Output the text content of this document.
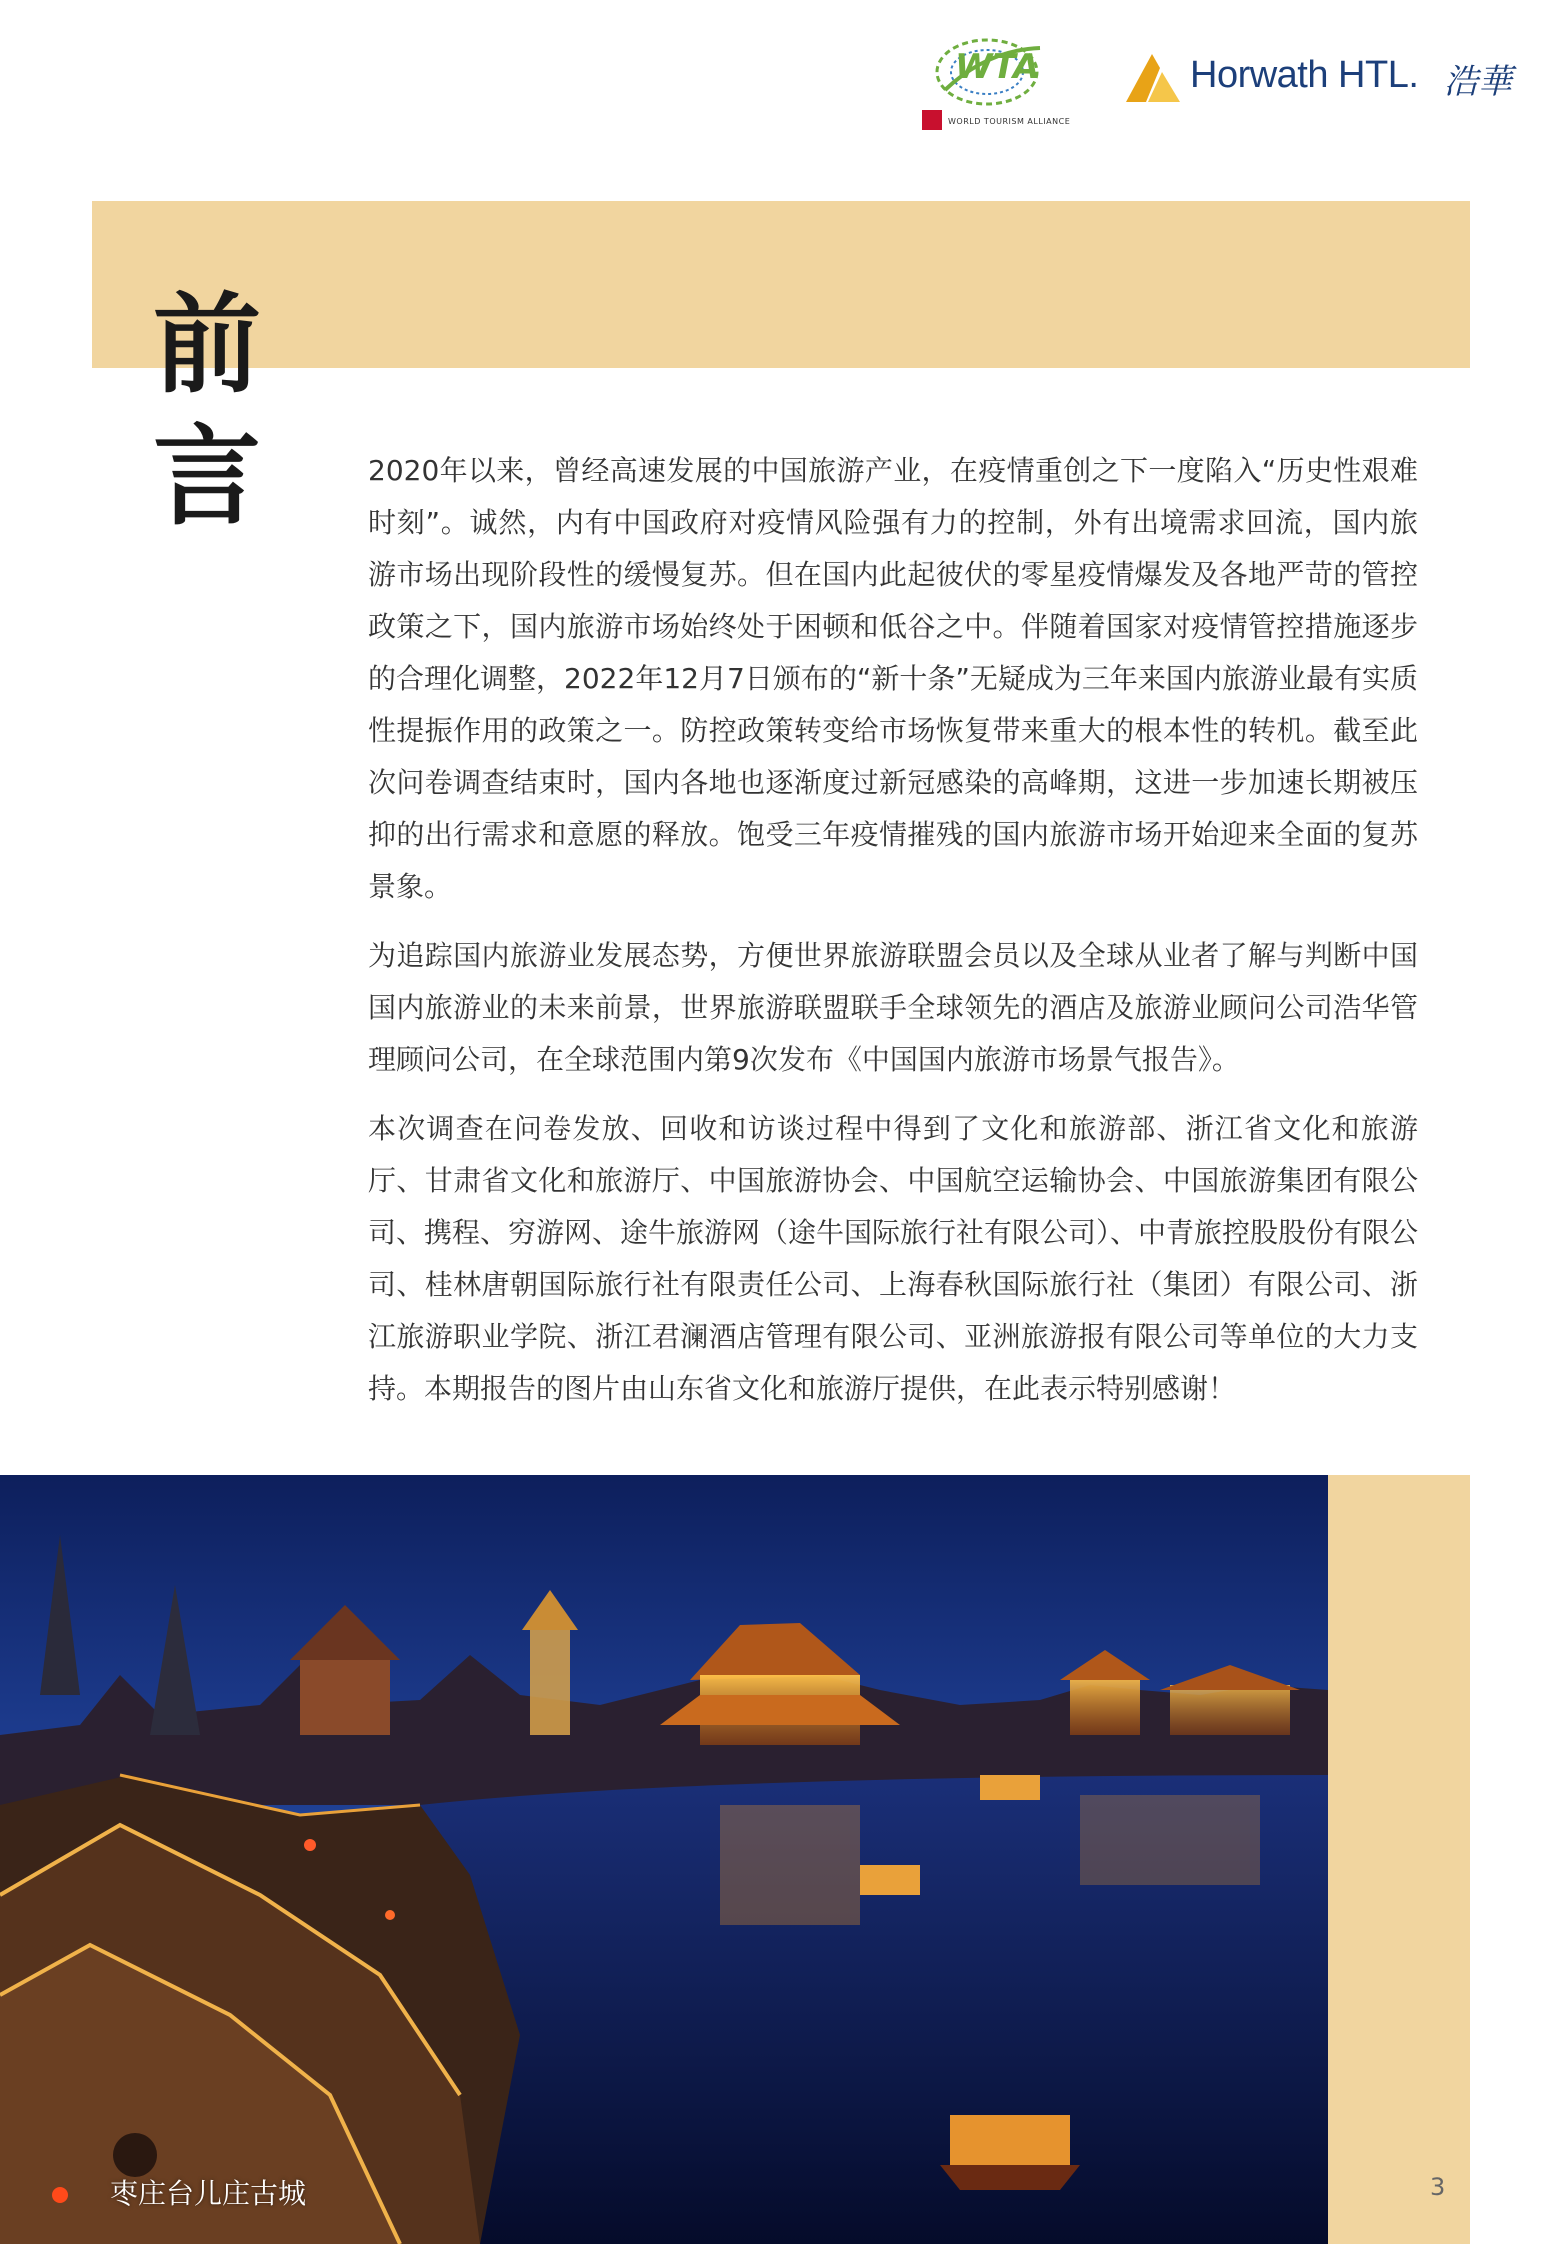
WTA
WORLD TOURISM ALLIANCE
Horwath HTL. 浩華
前
言	2020年以来，曾经高速发展的中国旅游产业，在疫情重创之下一度陷入“历史性艰难时刻”。诚然，内有中国政府对疫情风险强有力的控制，外有出境需求回流，国内旅游市场出现阶段性的缓慢复苏。但在国内此起彼伏的零星疫情爆发及各地严苛的管控政策之下，国内旅游市场始终处于困顿和低谷之中。伴随着国家对疫情管控措施逐步的合理化调整，2022年12月7日颁布的“新十条”无疑成为三年来国内旅游业最有实质性提振作用的政策之一。防控政策转变给市场恢复带来重大的根本性的转机。截至此次问卷调查结束时，国内各地也逐渐度过新冠感染的高峰期，这进一步加速长期被压抑的出行需求和意愿的释放。饱受三年疫情摧残的国内旅游市场开始迎来全面的复苏景象。

为追踪国内旅游业发展态势，方便世界旅游联盟会员以及全球从业者了解与判断中国国内旅游业的未来前景，世界旅游联盟联手全球领先的酒店及旅游业顾问公司浩华管理顾问公司，在全球范围内第9次发布《中国国内旅游市场景气报告》。

本次调查在问卷发放、回收和访谈过程中得到了文化和旅游部、浙江省文化和旅游厅、甘肃省文化和旅游厅、中国旅游协会、中国航空运输协会、中国旅游集团有限公司、携程、穷游网、途牛旅游网（途牛国际旅行社有限公司）、中青旅控股股份有限公司、桂林唐朝国际旅行社有限责任公司、上海春秋国际旅行社（集团）有限公司、浙江旅游职业学院、浙江君澜酒店管理有限公司、亚洲旅游报有限公司等单位的大力支持。本期报告的图片由山东省文化和旅游厅提供，在此表示特别感谢！

枣庄台儿庄古城	3
